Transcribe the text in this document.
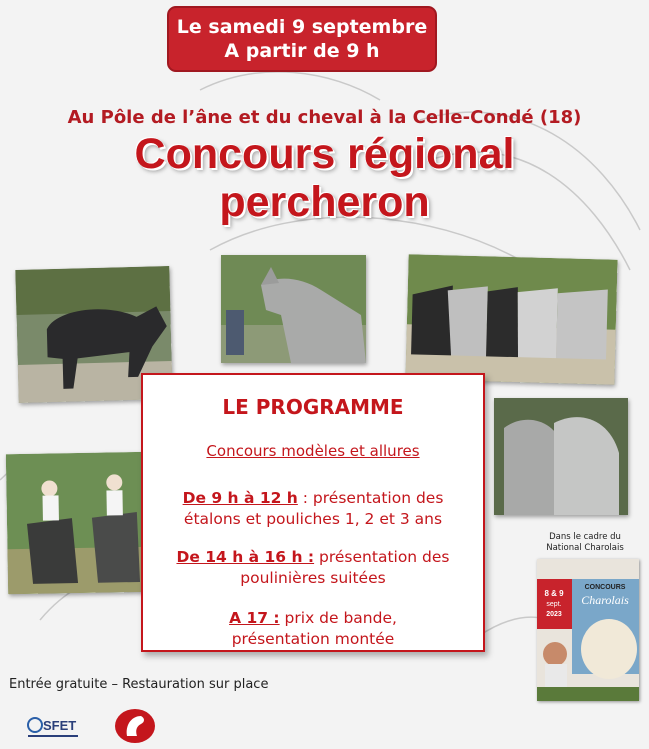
Le samedi 9 septembre
A partir de 9 h
Au Pôle de l’âne et du cheval à la Celle-Condé (18)
Concours régional
percheron
LE PROGRAMME
Concours modèles et allures
De 9 h à 12 h : présentation des
étalons et pouliches 1, 2 et 3 ans
De 14 h à 16 h : présentation des
poulinières suitées
A 17 : prix de bande,
présentation montée
Dans le cadre du
National Charolais
8 & 9
sept.
2023
CONCOURS
Charolais
Entrée gratuite – Restauration sur place
SFET
